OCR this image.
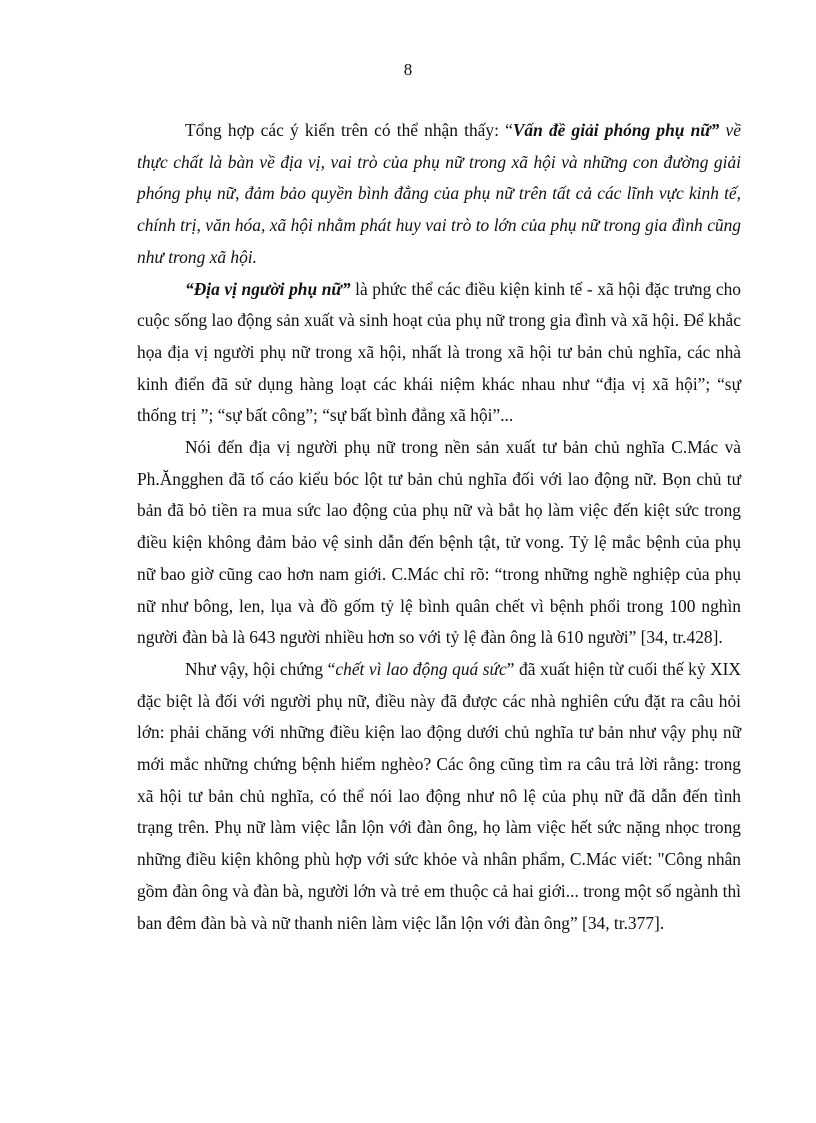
8

Tổng hợp các ý kiến trên có thể nhận thấy: “Vấn đề giải phóng phụ nữ” về thực chất là bàn về địa vị, vai trò của phụ nữ trong xã hội và những con đường giải phóng phụ nữ, đảm bảo quyền bình đẳng của phụ nữ trên tất cả các lĩnh vực kinh tế, chính trị, văn hóa, xã hội nhằm phát huy vai trò to lớn của phụ nữ trong gia đình cũng như trong xã hội.

“Địa vị người phụ nữ” là phức thể các điều kiện kinh tế - xã hội đặc trưng cho cuộc sống lao động sản xuất và sinh hoạt của phụ nữ trong gia đình và xã hội. Để khắc họa địa vị người phụ nữ trong xã hội, nhất là trong xã hội tư bản chủ nghĩa, các nhà kinh điển đã sử dụng hàng loạt các khái niệm khác nhau như “địa vị xã hội”; “sự thống trị ”; “sự bất công”; “sự bất bình đẳng xã hội”...

Nói đến địa vị người phụ nữ trong nền sản xuất tư bản chủ nghĩa C.Mác và Ph.Ăngghen đã tố cáo kiểu bóc lột tư bản chủ nghĩa đối với lao động nữ. Bọn chủ tư bản đã bỏ tiền ra mua sức lao động của phụ nữ và bắt họ làm việc đến kiệt sức trong điều kiện không đảm bảo vệ sinh dẫn đến bệnh tật, tử vong. Tỷ lệ mắc bệnh của phụ nữ bao giờ cũng cao hơn nam giới. C.Mác chỉ rõ: “trong những nghề nghiệp của phụ nữ như bông, len, lụa và đồ gốm tỷ lệ bình quân chết vì bệnh phổi trong 100 nghìn người đàn bà là 643 người nhiều hơn so với tỷ lệ đàn ông là 610 người” [34, tr.428].

Như vậy, hội chứng “chết vì lao động quá sức” đã xuất hiện từ cuối thế kỷ XIX đặc biệt là đối với người phụ nữ, điều này đã được các nhà nghiên cứu đặt ra câu hỏi lớn: phải chăng với những điều kiện lao động dưới chủ nghĩa tư bản như vậy phụ nữ mới mắc những chứng bệnh hiểm nghèo? Các ông cũng tìm ra câu trả lời rằng: trong xã hội tư bản chủ nghĩa, có thể nói lao động như nô lệ của phụ nữ đã dẫn đến tình trạng trên. Phụ nữ làm việc lẫn lộn với đàn ông, họ làm việc hết sức nặng nhọc trong những điều kiện không phù hợp với sức khỏe và nhân phẩm, C.Mác viết: "Công nhân gồm đàn ông và đàn bà, người lớn và trẻ em thuộc cả hai giới... trong một số ngành thì ban đêm đàn bà và nữ thanh niên làm việc lẫn lộn với đàn ông” [34, tr.377].
